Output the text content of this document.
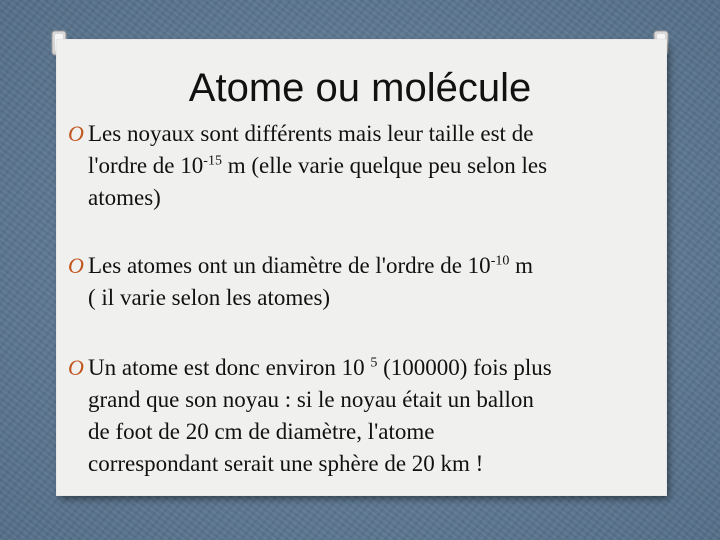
Atome ou molécule
O Les noyaux sont différents mais leur taille est de

l'ordre de $10^{-15}$ m (elle varie quelque peu selon les

atomes)

O Les atomes ont un diamètre de l'ordre de $10^{-10}$ m

( il varie selon les atomes)

O Un atome est donc environ 10 $^5$ (100000) fois plus

grand que son noyau : si le noyau était un ballon

de foot de 20 cm de diamètre, l'atome

correspondant serait une sphère de 20 km !
